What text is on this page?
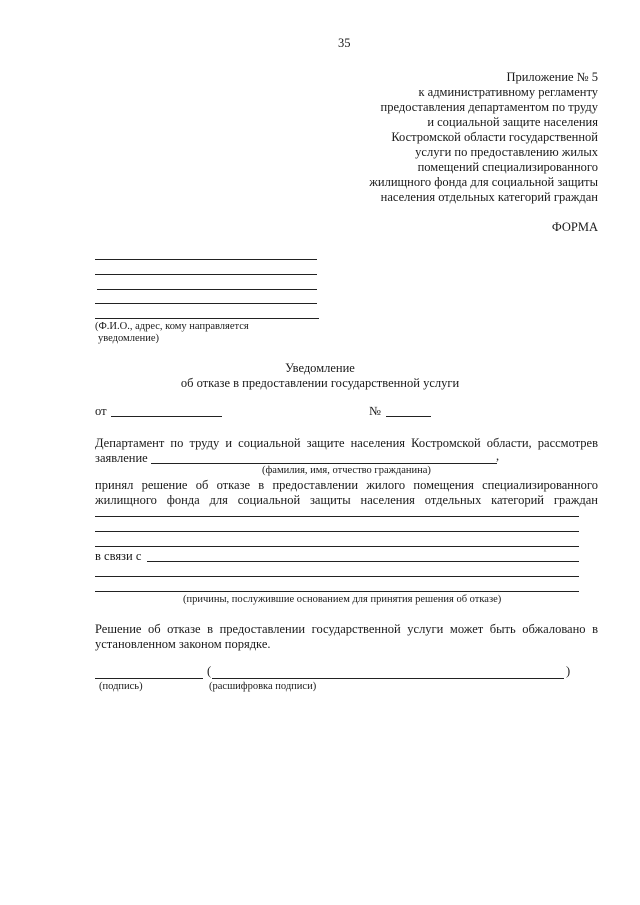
35
Приложение № 5
к административному регламенту
предоставления департаментом по труду
и социальной защите населения
Костромской области государственной
услуги по предоставлению жилых
помещений специализированного
жилищного фонда для социальной защиты
населения отдельных категорий граждан
ФОРМА
(Ф.И.О., адрес, кому направляется
уведомление)
Уведомление
об отказе в предоставлении государственной услуги
от	№
Департамент по труду и социальной защите населения Костромской области, рассмотрев
заявление	,
(фамилия, имя, отчество гражданина)
принял решение об отказе в предоставлении жилого помещения специализированного
жилищного фонда для социальной защиты населения отдельных категорий граждан
в связи с
(причины, послужившие основанием для принятия решения об отказе)
Решение об отказе в предоставлении государственной услуги может быть обжаловано в
установленном законом порядке.
(	)
(подпись)	(расшифровка подписи)
